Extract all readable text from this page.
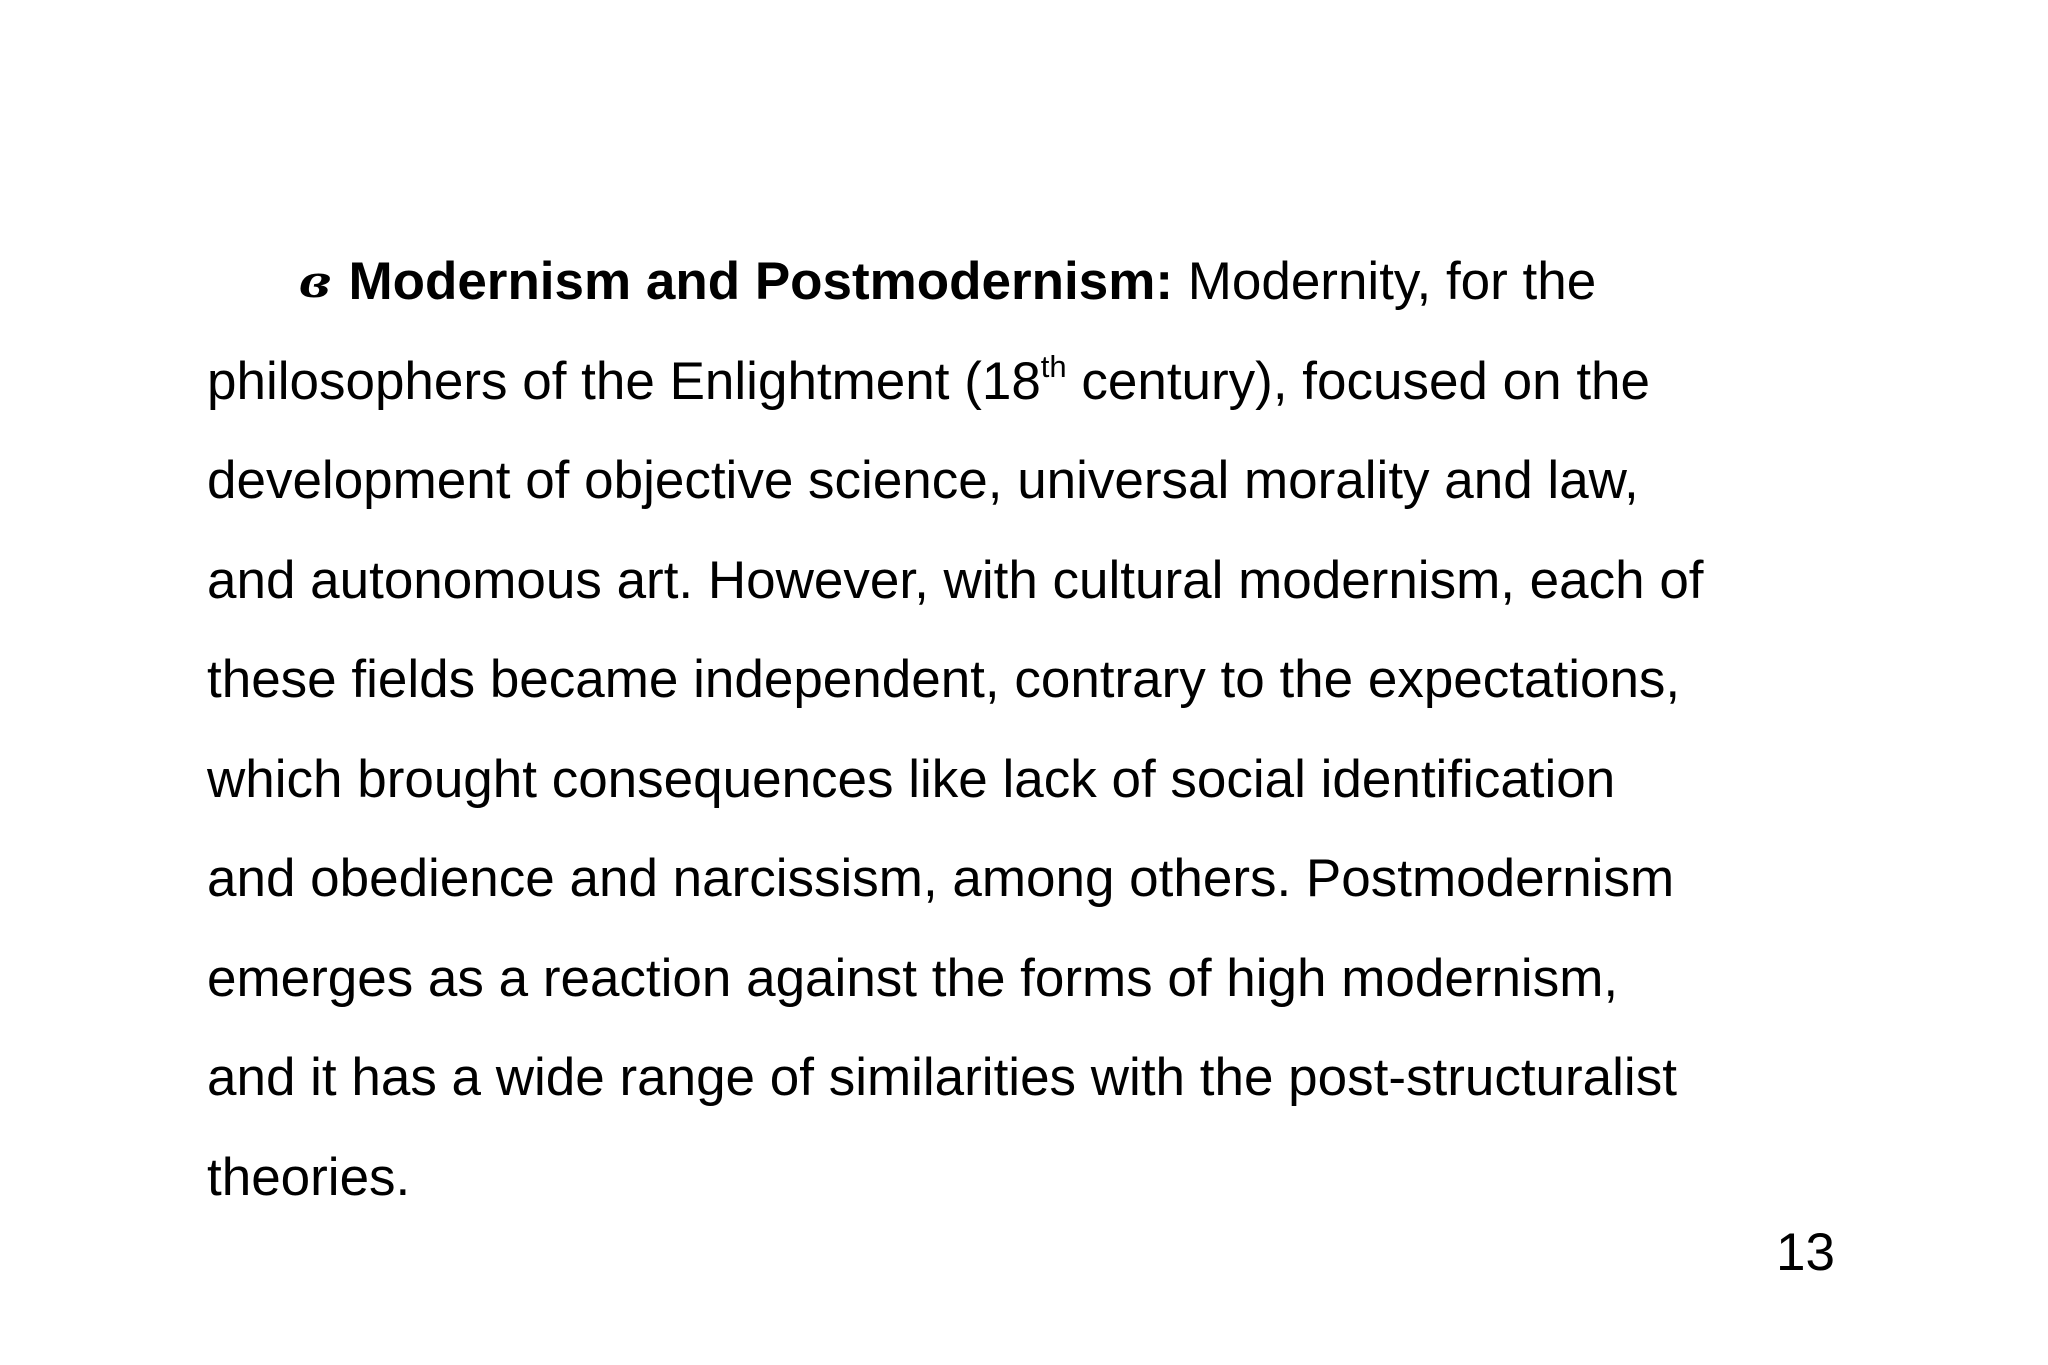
ɞ Modernism and Postmodernism: Modernity, for the
philosophers of the Enlightment (18th century), focused on the
development of objective science, universal morality and law,
and autonomous art. However, with cultural modernism, each of
these fields became independent, contrary to the expectations,
which brought consequences like lack of social identification
and obedience and narcissism, among others. Postmodernism
emerges as a reaction against the forms of high modernism,
and it has a wide range of similarities with the post-structuralist
theories.
13
